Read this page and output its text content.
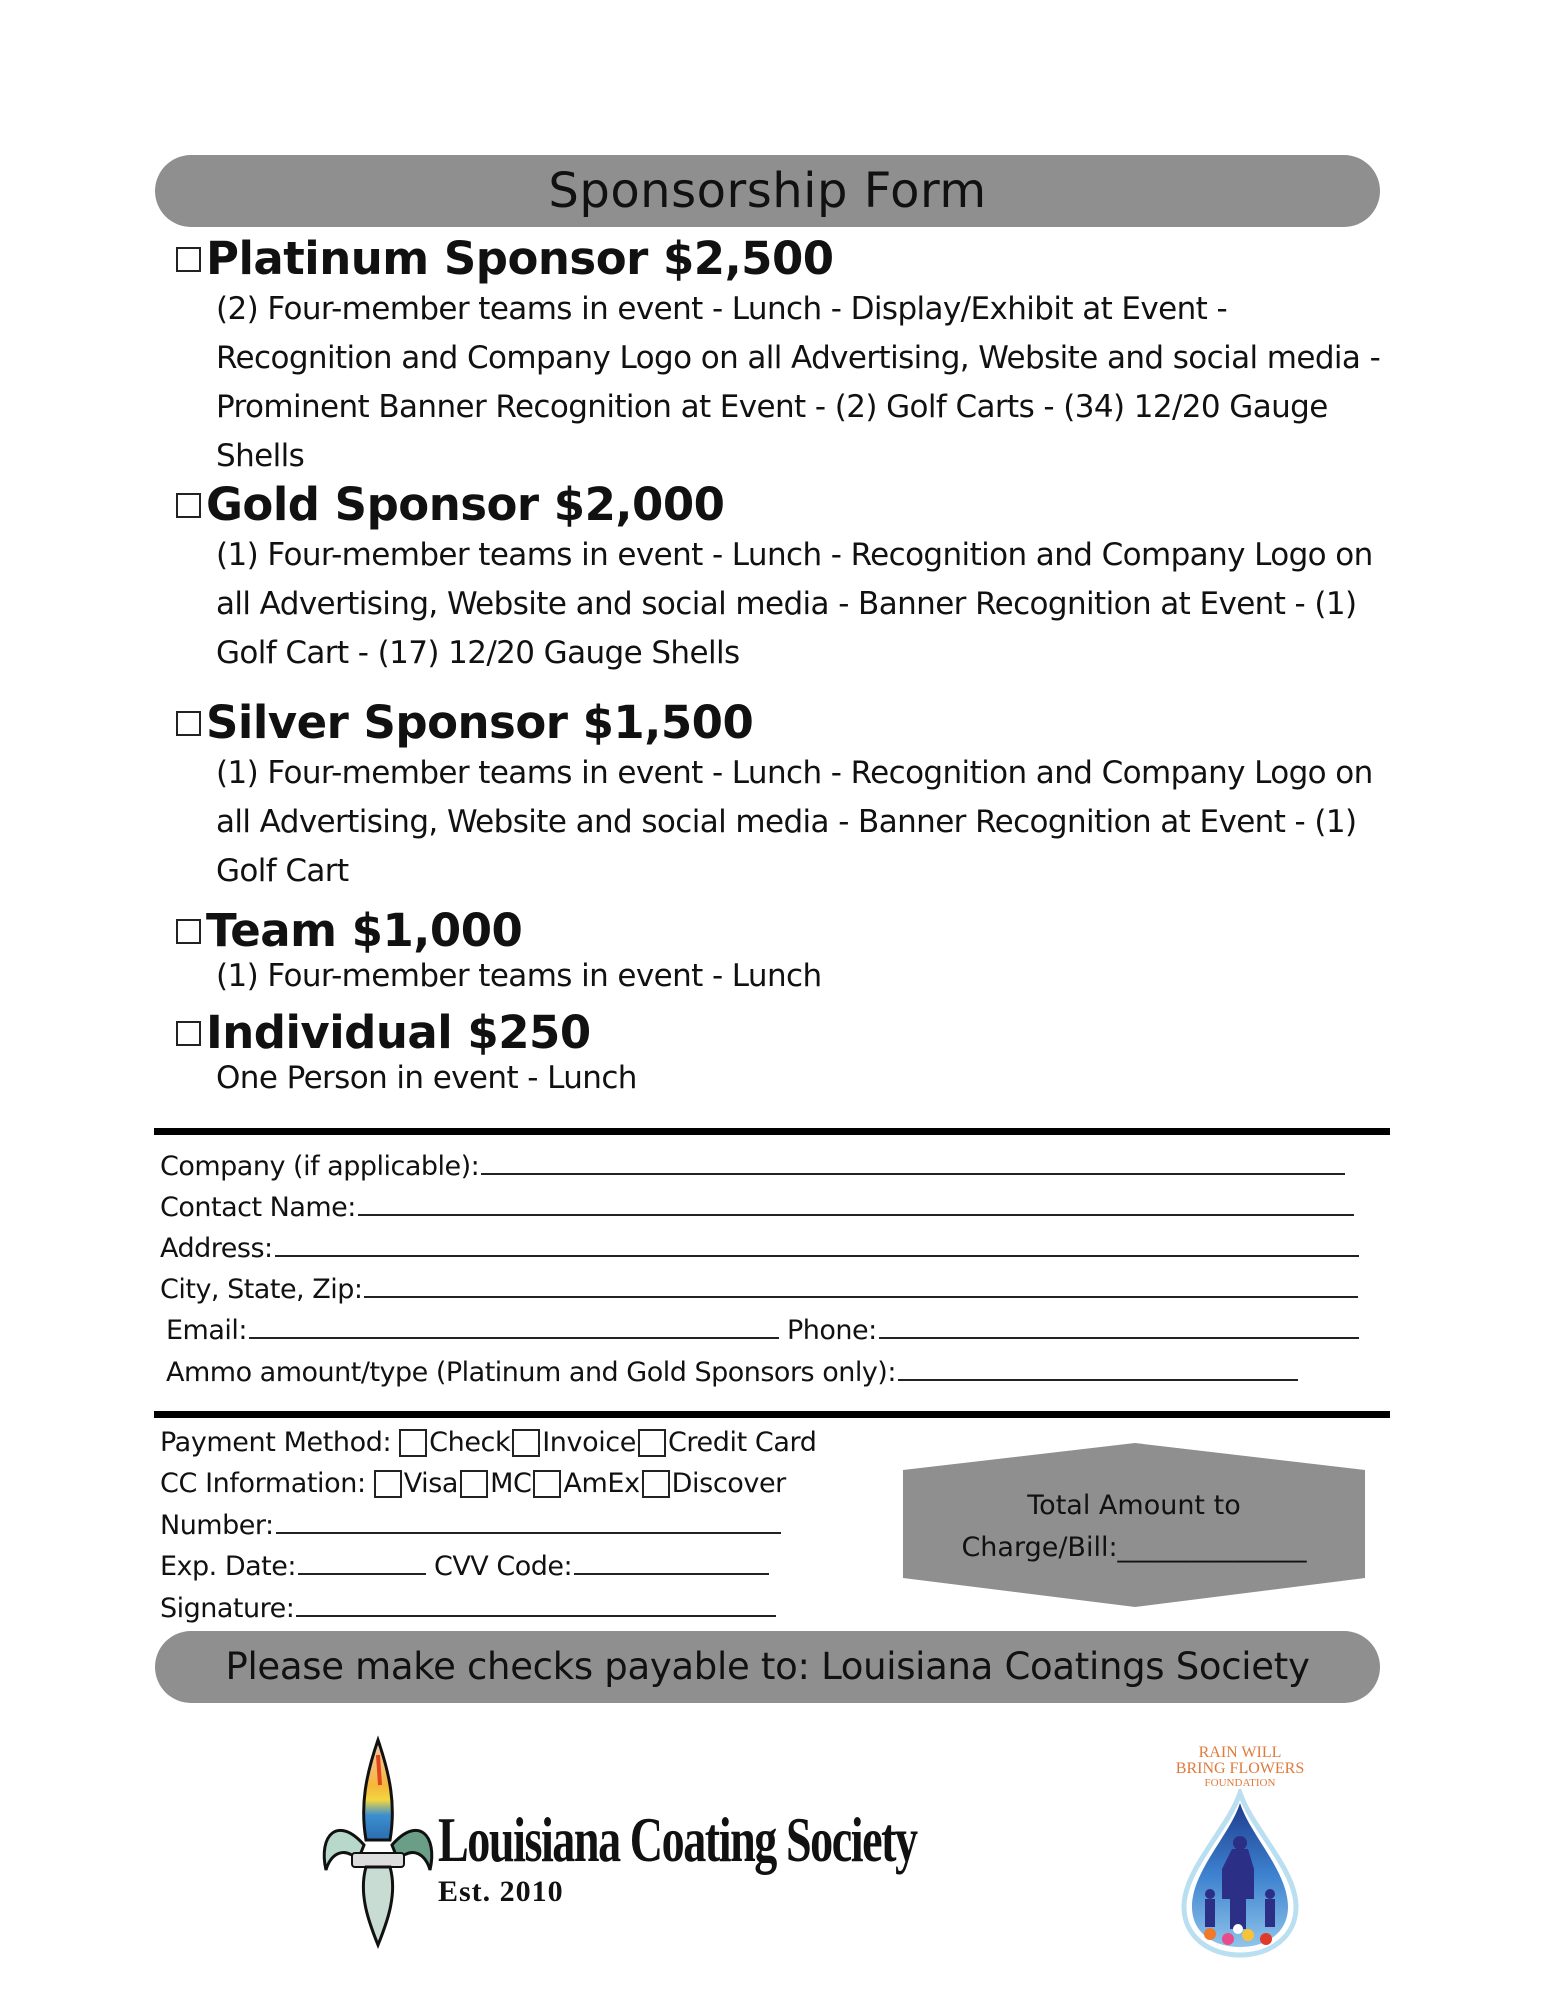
Sponsorship Form
Platinum Sponsor $2,500
(2) Four-member teams in event - Lunch - Display/Exhibit at Event - Recognition and Company Logo on all Advertising, Website and social media - Prominent Banner Recognition at Event - (2) Golf Carts - (34) 12/20 Gauge Shells
Gold Sponsor $2,000
(1) Four-member teams in event - Lunch - Recognition and Company Logo on all Advertising, Website and social media - Banner Recognition at Event - (1) Golf Cart - (17) 12/20 Gauge Shells
Silver Sponsor $1,500
(1) Four-member teams in event - Lunch - Recognition and Company Logo on all Advertising, Website and social media - Banner Recognition at Event - (1) Golf Cart
Team $1,000
(1) Four-member teams in event - Lunch
Individual $250
One Person in event - Lunch
Company (if applicable):
Contact Name:
Address:
City, State, Zip:
Email:	Phone:
Ammo amount/type (Platinum and Gold Sponsors only):
Payment Method: Check Invoice Credit Card
CC Information: Visa MC AmEx Discover
Number:
Exp. Date:	CVV Code:
Signature:
Total Amount to
Charge/Bill:______________
Please make checks payable to: Louisiana Coatings Society
Louisiana Coating Society
Est. 2010
RAIN WILL
BRING FLOWERS
FOUNDATION
